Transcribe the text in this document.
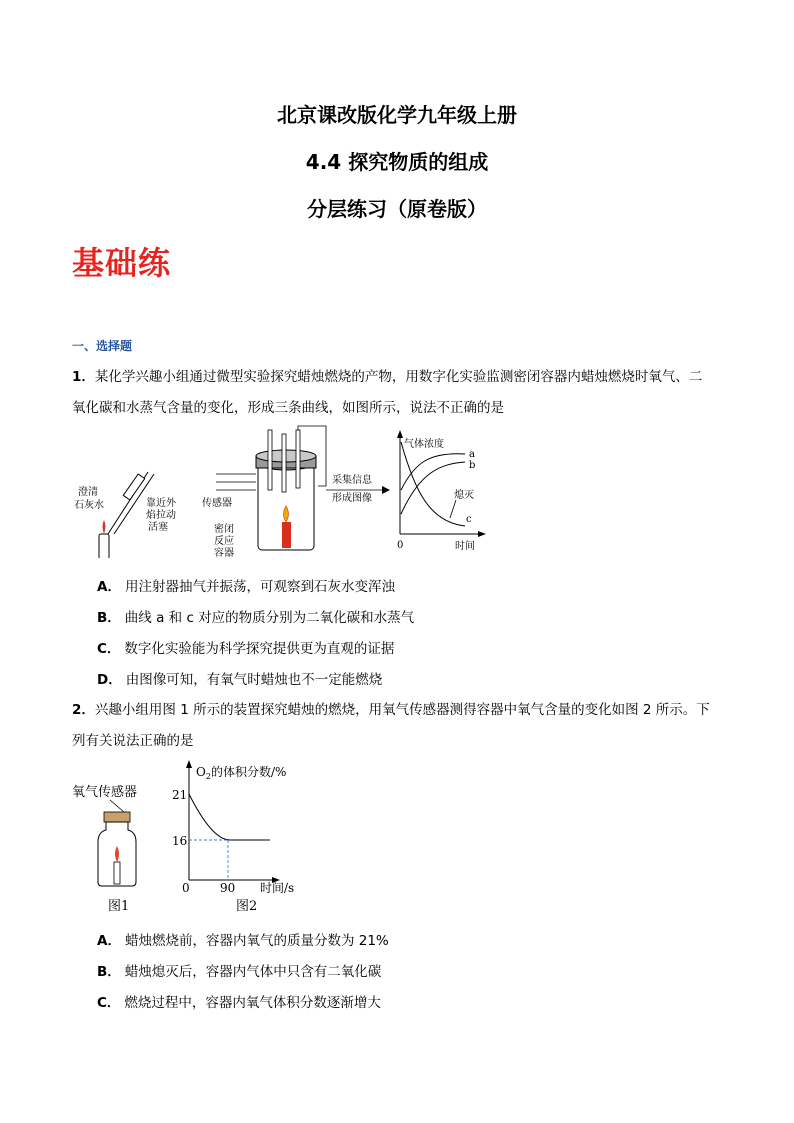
北京课改版化学九年级上册
4.4 探究物质的组成
分层练习（原卷版）
基础练
一、选择题
1．某化学兴趣小组通过微型实验探究蜡烛燃烧的产物，用数字化实验监测密闭容器内蜡烛燃烧时氧气、二
氧化碳和水蒸气含量的变化，形成三条曲线，如图所示，说法不正确的是
澄清
石灰水	靠近外
焰拉动
活塞
传感器
密闭
反应
容器
采集信息
形成图像
气体浓度
a
b
熄灭
c
0	时间
A． 用注射器抽气并振荡，可观察到石灰水变浑浊
B． 曲线 a 和 c 对应的物质分别为二氧化碳和水蒸气
C． 数字化实验能为科学探究提供更为直观的证据
D． 由图像可知，有氧气时蜡烛也不一定能燃烧
2．兴趣小组用图 1 所示的装置探究蜡烛的燃烧，用氧气传感器测得容器中氧气含量的变化如图 2 所示。下
列有关说法正确的是
氧气传感器
图1
$O_2$的体积分数/%
21
16
0	90 时间/s
图2
A． 蜡烛燃烧前，容器内氧气的质量分数为 21%
B． 蜡烛熄灭后，容器内气体中只含有二氧化碳
C． 燃烧过程中，容器内氧气体积分数逐渐增大
